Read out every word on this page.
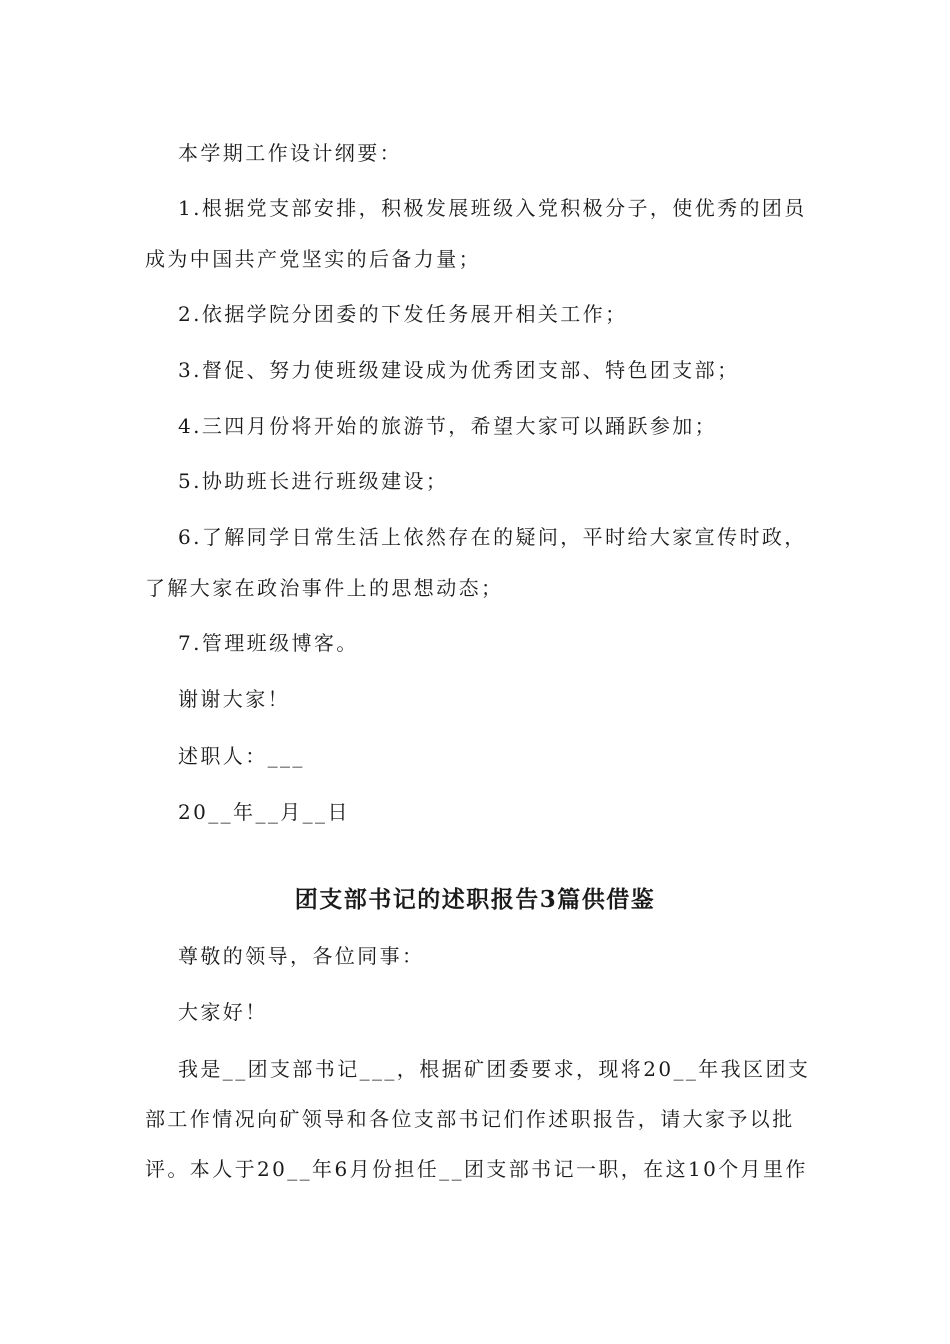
本学期工作设计纲要：
1.根据党支部安排，积极发展班级入党积极分子，使优秀的团员
成为中国共产党坚实的后备力量；
2.依据学院分团委的下发任务展开相关工作；
3.督促、努力使班级建设成为优秀团支部、特色团支部；
4.三四月份将开始的旅游节，希望大家可以踊跃参加；
5.协助班长进行班级建设；
6.了解同学日常生活上依然存在的疑问，平时给大家宣传时政，
了解大家在政治事件上的思想动态；
7.管理班级博客。
谢谢大家！
述职人：___
20__年__月__日
团支部书记的述职报告3篇供借鉴
尊敬的领导，各位同事：
大家好！
我是__团支部书记___，根据矿团委要求，现将20__年我区团支
部工作情况向矿领导和各位支部书记们作述职报告，请大家予以批
评。本人于20__年6月份担任__团支部书记一职，在这10个月里作
